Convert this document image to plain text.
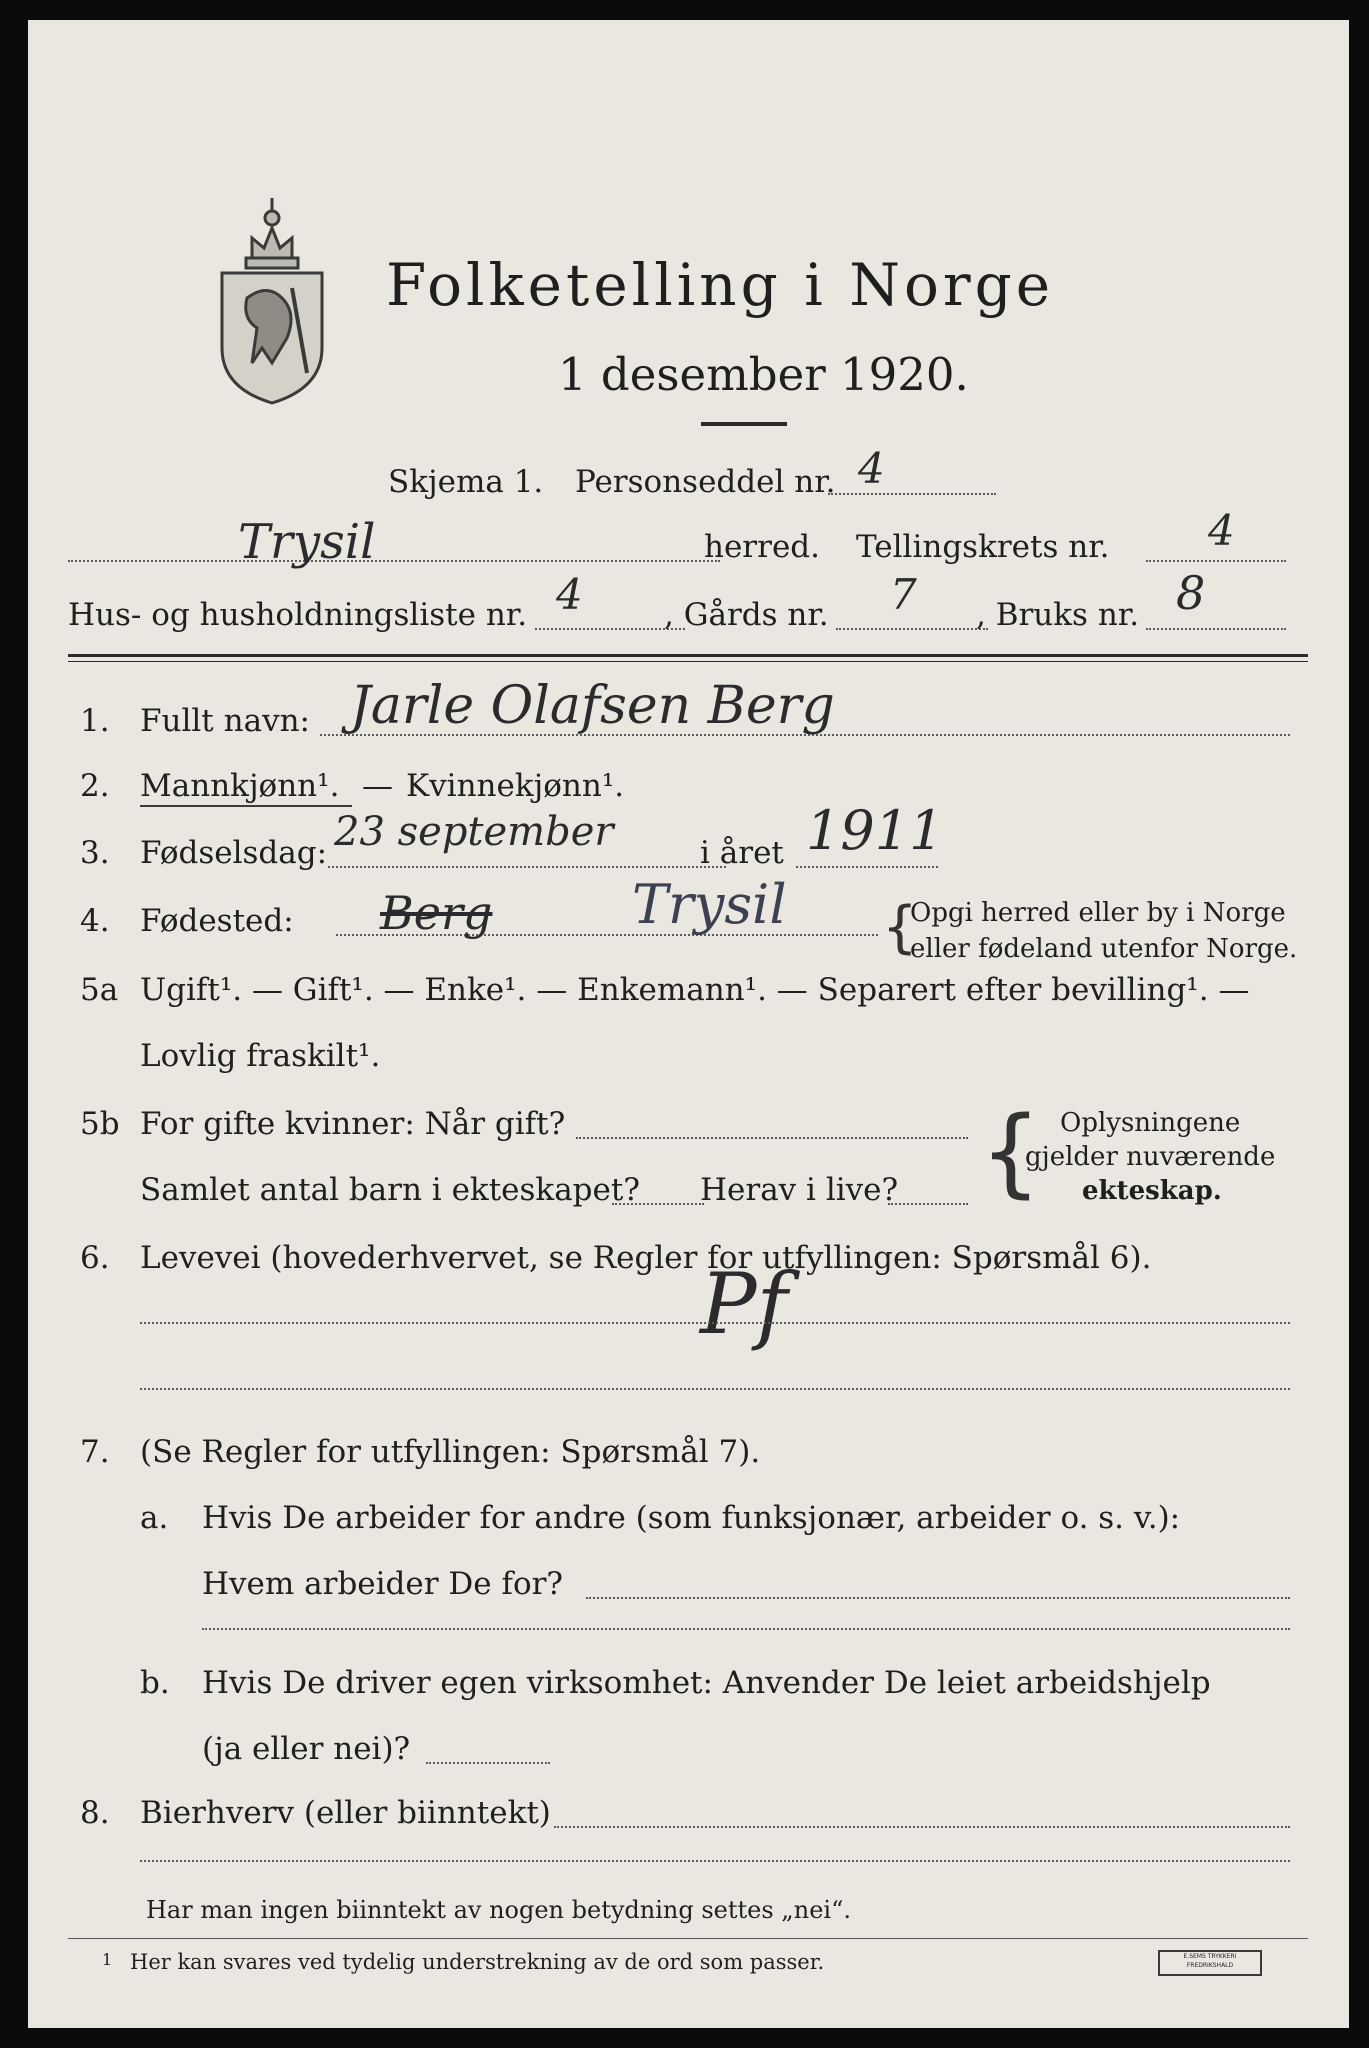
Folketelling i Norge
1 desember 1920.
Skjema 1. Personseddel nr. 4
Trysil	herred. Tellingskrets nr. 4
Hus- og husholdningsliste nr. 4	, Gårds nr. 7 , Bruks nr. 8
1. Fullt navn: Jarle Olafsen Berg
2. Mannkjønn¹. — Kvinnekjønn¹.
3. Fødselsdag: 23 september	i året 1911
4. Fødested: Berg	Trysil {
Opgi herred eller by i Norge
eller fødeland utenfor Norge.
5a Ugift¹. — Gift¹. — Enke¹. — Enkemann¹. — Separert efter bevilling¹. —
Lovlig fraskilt¹.
5b For gifte kvinner: Når gift?
Samlet antal barn i ekteskapet? Herav i live? { Oplysningene
gjelder nuværende
ekteskap.
6. Levevei (hovederhvervet, se Regler for utfyllingen: Spørsmål 6).
Pf
7. (Se Regler for utfyllingen: Spørsmål 7).
a. Hvis De arbeider for andre (som funksjonær, arbeider o. s. v.):
Hvem arbeider De for?
b. Hvis De driver egen virksomhet: Anvender De leiet arbeidshjelp
(ja eller nei)?
8. Bierhverv (eller biinntekt)
Har man ingen biinntekt av nogen betydning settes „nei“.
1 Her kan svares ved tydelig understrekning av de ord som passer.	E.SEMS TRYKKERI FREDRIKSHALD
